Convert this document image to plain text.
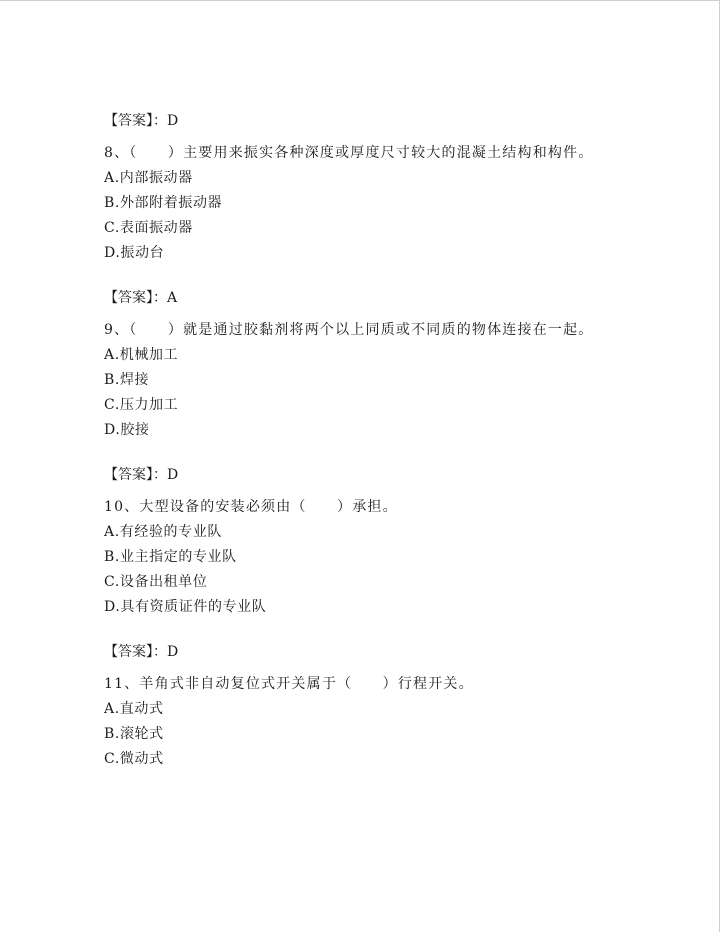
【答案】：D

8、（　　）主要用来振实各种深度或厚度尺寸较大的混凝土结构和构件。

A.内部振动器

B.外部附着振动器

C.表面振动器

D.振动台

【答案】：A

9、（　　）就是通过胶黏剂将两个以上同质或不同质的物体连接在一起。

A.机械加工

B.焊接

C.压力加工

D.胶接

【答案】：D

10、大型设备的安装必须由（　　）承担。

A.有经验的专业队

B.业主指定的专业队

C.设备出租单位

D.具有资质证件的专业队

【答案】：D

11、羊角式非自动复位式开关属于（　　）行程开关。

A.直动式

B.滚轮式

C.微动式
